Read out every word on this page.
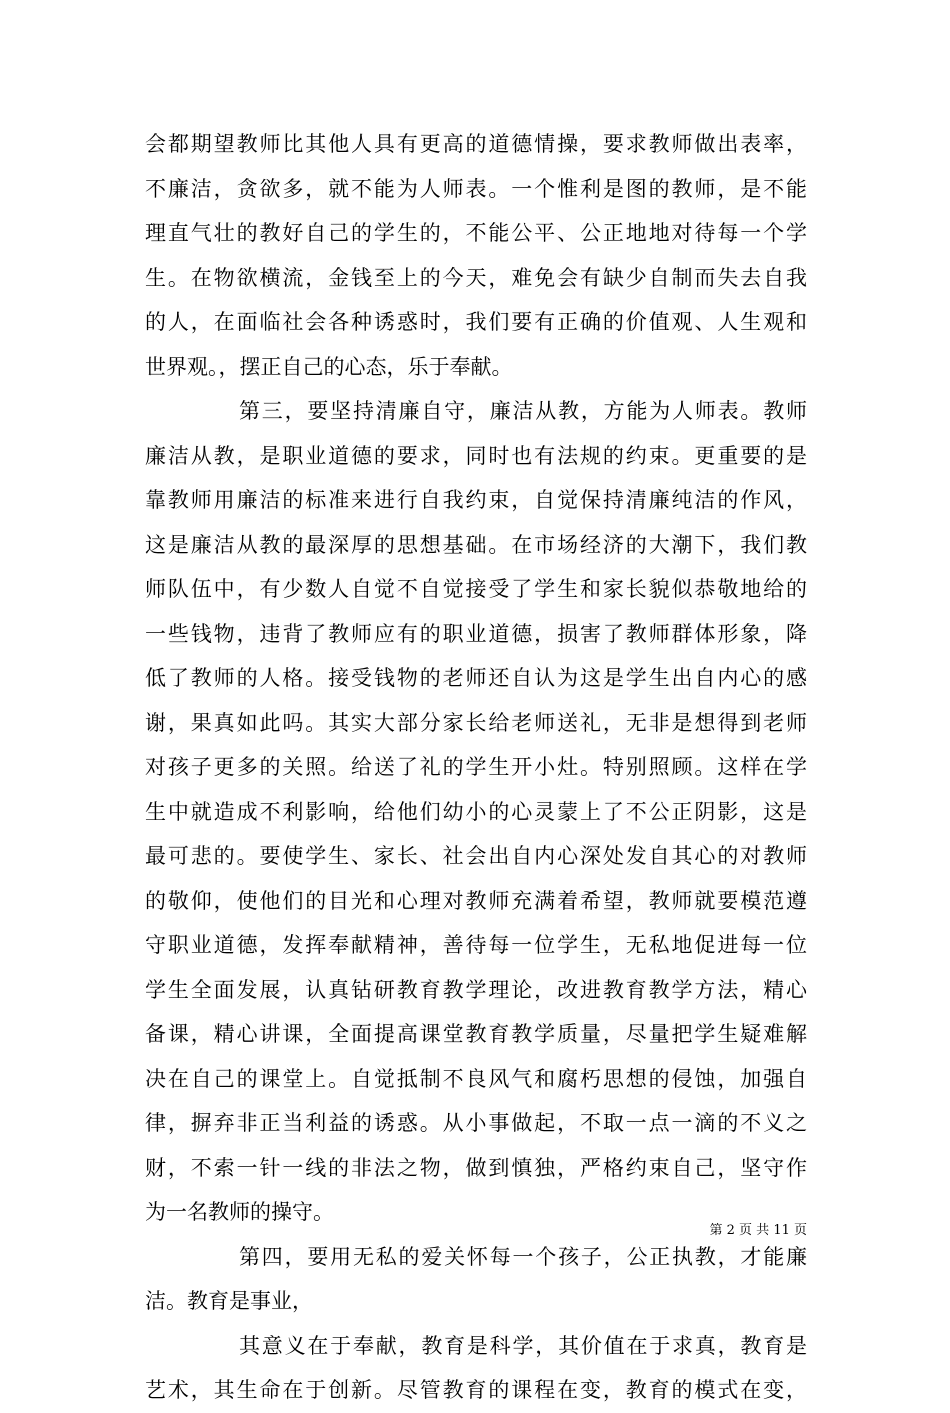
会都期望教师比其他人具有更高的道德情操，要求教师做出表率，
不廉洁，贪欲多，就不能为人师表。一个惟利是图的教师，是不能
理直气壮的教好自己的学生的，不能公平、公正地地对待每一个学
生。在物欲横流，金钱至上的今天，难免会有缺少自制而失去自我
的人，在面临社会各种诱惑时，我们要有正确的价值观、人生观和
世界观。，摆正自己的心态，乐于奉献。
第三，要坚持清廉自守，廉洁从教，方能为人师表。教师
廉洁从教，是职业道德的要求，同时也有法规的约束。更重要的是
靠教师用廉洁的标准来进行自我约束，自觉保持清廉纯洁的作风，
这是廉洁从教的最深厚的思想基础。在市场经济的大潮下，我们教
师队伍中，有少数人自觉不自觉接受了学生和家长貌似恭敬地给的
一些钱物，违背了教师应有的职业道德，损害了教师群体形象，降
低了教师的人格。接受钱物的老师还自认为这是学生出自内心的感
谢，果真如此吗。其实大部分家长给老师送礼，无非是想得到老师
对孩子更多的关照。给送了礼的学生开小灶。特别照顾。这样在学
生中就造成不利影响，给他们幼小的心灵蒙上了不公正阴影，这是
最可悲的。要使学生、家长、社会出自内心深处发自其心的对教师
的敬仰，使他们的目光和心理对教师充满着希望，教师就要模范遵
守职业道德，发挥奉献精神，善待每一位学生，无私地促进每一位
学生全面发展，认真钻研教育教学理论，改进教育教学方法，精心
备课，精心讲课，全面提高课堂教育教学质量，尽量把学生疑难解
决在自己的课堂上。自觉抵制不良风气和腐朽思想的侵蚀，加强自
律，摒弃非正当利益的诱惑。从小事做起，不取一点一滴的不义之
财，不索一针一线的非法之物，做到慎独，严格约束自己，坚守作
为一名教师的操守。
第四，要用无私的爱关怀每一个孩子，公正执教，才能廉
洁。教育是事业，
其意义在于奉献，教育是科学，其价值在于求真，教育是
艺术，其生命在于创新。尽管教育的课程在变，教育的模式在变，
第 2 页 共 11 页
